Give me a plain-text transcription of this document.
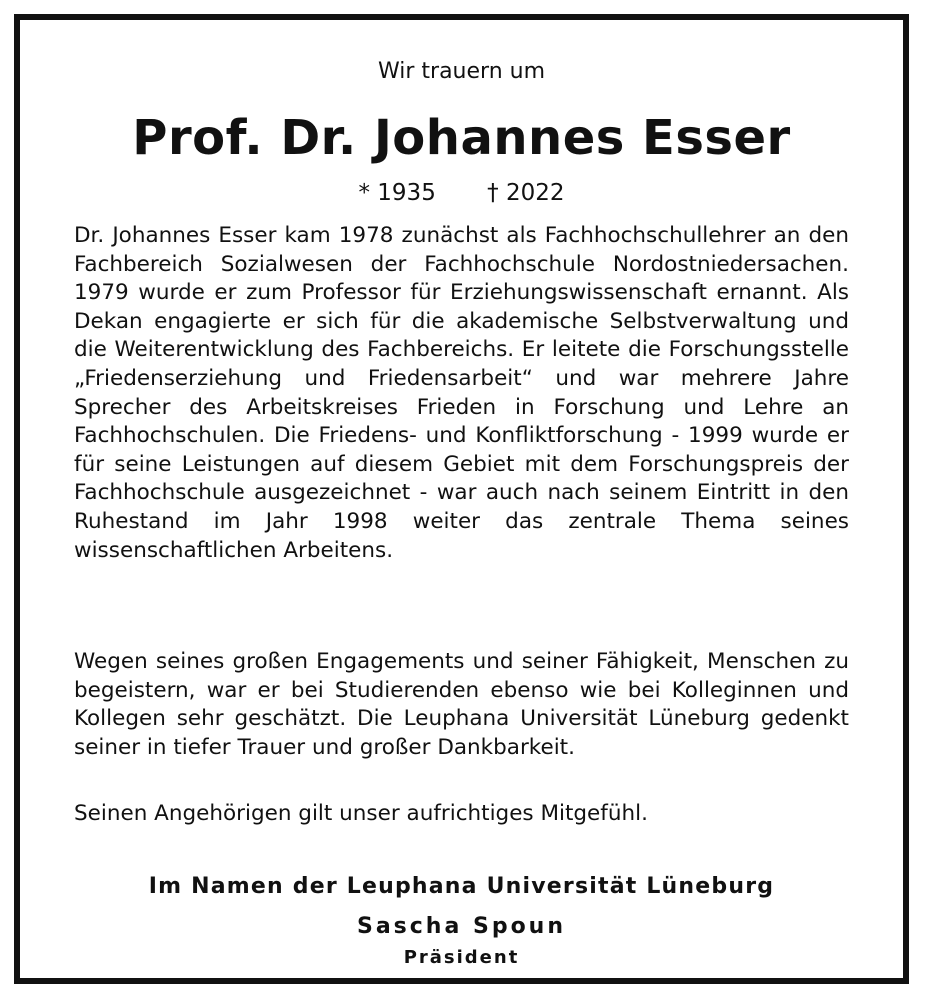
Wir trauern um
Prof. Dr. Johannes Esser
* 1935 † 2022
Dr. Johannes Esser kam 1978 zunächst als Fachhochschullehrer an den Fachbereich Sozialwesen der Fachhochschule Nordostniedersachen. 1979 wurde er zum Professor für Erziehungswissenschaft ernannt. Als Dekan engagierte er sich für die akademische Selbstverwaltung und die Weiterentwicklung des Fachbereichs. Er leitete die Forschungsstelle „Friedenserziehung und Friedensarbeit“ und war mehrere Jahre Sprecher des Arbeitskreises Frieden in Forschung und Lehre an Fachhochschulen. Die Friedens- und Konfliktforschung - 1999 wurde er für seine Leistungen auf diesem Gebiet mit dem Forschungspreis der Fachhochschule ausgezeichnet - war auch nach seinem Eintritt in den Ruhestand im Jahr 1998 weiter das zentrale Thema seines wissenschaftlichen Arbeitens.
Wegen seines großen Engagements und seiner Fähigkeit, Menschen zu begeistern, war er bei Studierenden ebenso wie bei Kolleginnen und Kollegen sehr geschätzt. Die Leuphana Universität Lüneburg gedenkt seiner in tiefer Trauer und großer Dankbarkeit.
Seinen Angehörigen gilt unser aufrichtiges Mitgefühl.
Im Namen der Leuphana Universität Lüneburg
Sascha Spoun
Präsident
